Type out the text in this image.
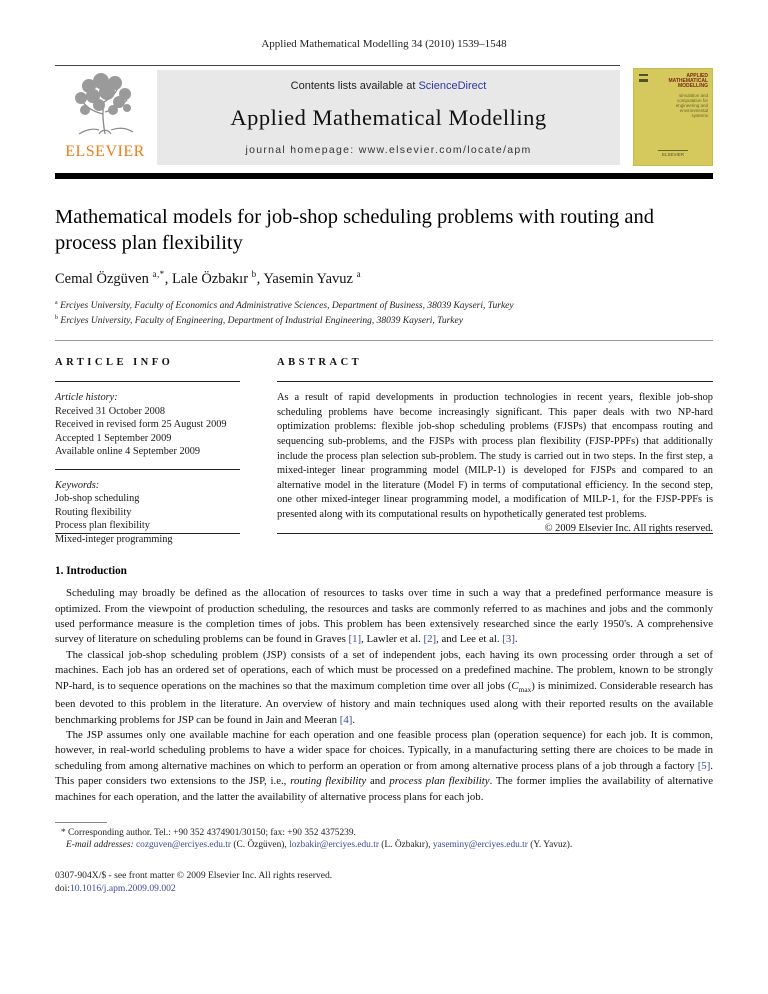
Applied Mathematical Modelling 34 (2010) 1539–1548
ELSEVIER
Contents lists available at ScienceDirect
Applied Mathematical Modelling
journal homepage: www.elsevier.com/locate/apm
APPLIED MATHEMATICAL MODELLING
simulation and computation for engineering and environmental systems
ELSEVIER
Mathematical models for job-shop scheduling problems with routing and process plan flexibility
Cemal Özgüven $^{a,*}$, Lale Özbakır $^b$, Yasemin Yavuz $^a$
$^a$ Erciyes University, Faculty of Economics and Administrative Sciences, Department of Business, 38039 Kayseri, Turkey
$^b$ Erciyes University, Faculty of Engineering, Department of Industrial Engineering, 38039 Kayseri, Turkey
ARTICLE INFO
Article history:
Received 31 October 2008
Received in revised form 25 August 2009
Accepted 1 September 2009
Available online 4 September 2009
Keywords:
Job-shop scheduling
Routing flexibility
Process plan flexibility
Mixed-integer programming
ABSTRACT
As a result of rapid developments in production technologies in recent years, flexible job-shop scheduling problems have become increasingly significant. This paper deals with two NP-hard optimization problems: flexible job-shop scheduling problems (FJSPs) that encompass routing and sequencing sub-problems, and the FJSPs with process plan flexibility (FJSP-PPFs) that additionally include the process plan selection sub-problem. The study is carried out in two steps. In the first step, a mixed-integer linear programming model (MILP-1) is developed for FJSPs and compared to an alternative model in the literature (Model F) in terms of computational efficiency. In the second step, one other mixed-integer linear programming model, a modification of MILP-1, for the FJSP-PPFs is presented along with its computational results on hypothetically generated test problems.
© 2009 Elsevier Inc. All rights reserved.
1. Introduction

Scheduling may broadly be defined as the allocation of resources to tasks over time in such a way that a predefined performance measure is optimized. From the viewpoint of production scheduling, the resources and tasks are commonly referred to as machines and jobs and the commonly used performance measure is the completion times of jobs. This problem has been extensively researched since the early 1950's. A comprehensive survey of literature on scheduling problems can be found in Graves [1], Lawler et al. [2], and Lee et al. [3].

The classical job-shop scheduling problem (JSP) consists of a set of independent jobs, each having its own processing order through a set of machines. Each job has an ordered set of operations, each of which must be processed on a predefined machine. The problem, known to be strongly NP-hard, is to sequence operations on the machines so that the maximum completion time over all jobs $(C_{max})$ is minimized. Considerable research has been devoted to this problem in the literature. An overview of history and main techniques used along with their reported results on the available benchmarking problems for JSP can be found in Jain and Meeran [4].

The JSP assumes only one available machine for each operation and one feasible process plan (operation sequence) for each job. It is common, however, in real-world scheduling problems to have a wider space for choices. Typically, in a manufacturing setting there are choices to be made in scheduling from among alternative machines on which to perform an operation or from among alternative process plans of a job through a factory [5]. This paper considers two extensions to the JSP, i.e., routing flexibility and process plan flexibility. The former implies the availability of alternative machines for each operation, and the latter the availability of alternative process plans for each job.

* Corresponding author. Tel.: +90 352 4374901/30150; fax: +90 352 4375239.
E-mail addresses: cozguven@erciyes.edu.tr (C. Özgüven), lozbakir@erciyes.edu.tr (L. Özbakır), yaseminy@erciyes.edu.tr (Y. Yavuz).
0307-904X/$ - see front matter © 2009 Elsevier Inc. All rights reserved.
doi:10.1016/j.apm.2009.09.002
